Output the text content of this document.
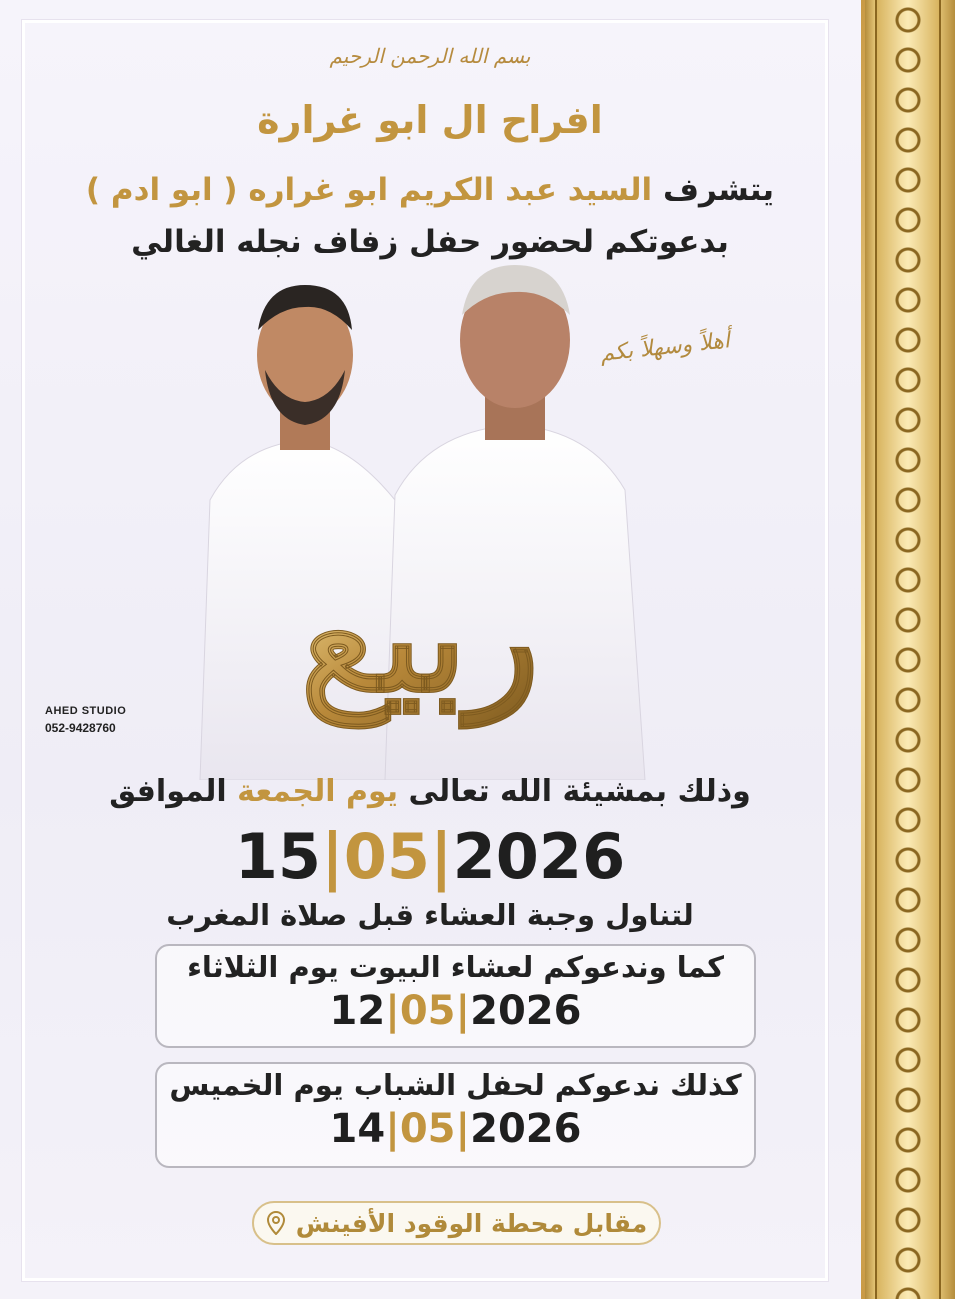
بسم الله الرحمن الرحيم
افراح ال ابو غرارة
يتشرف السيد عبد الكريم ابو غراره ( ابو ادم )
بدعوتكم لحضور حفل زفاف نجله الغالي
ربيع
أهلاً وسهلاً بكم
AHED STUDIO
052-9428760
وذلك بمشيئة الله تعالى يوم الجمعة الموافق
15|05|2026
لتناول وجبة العشاء قبل صلاة المغرب
كما وندعوكم لعشاء البيوت يوم الثلاثاء
12|05|2026
كذلك ندعوكم لحفل الشباب يوم الخميس
14|05|2026
مقابل محطة الوقود الأفينش
